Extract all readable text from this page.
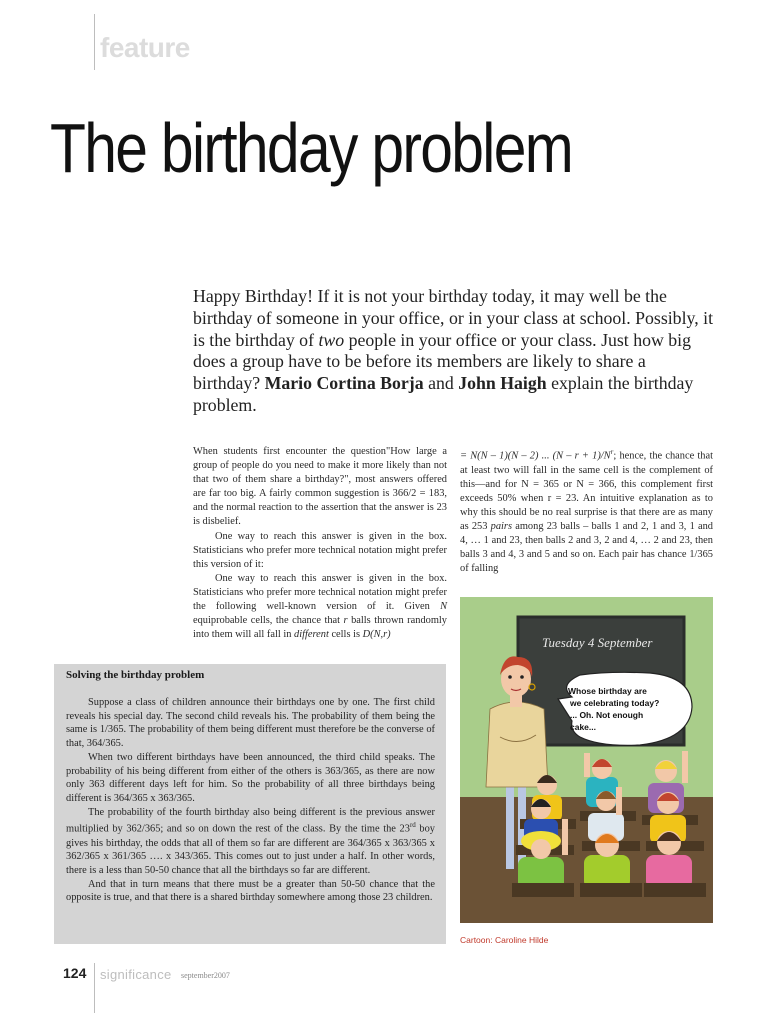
feature
The birthday problem
Happy Birthday! If it is not your birthday today, it may well be the birthday of someone in your office, or in your class at school. Possibly, it is the birthday of two people in your office or your class. Just how big does a group have to be before its members are likely to share a birthday? Mario Cortina Borja and John Haigh explain the birthday problem.

When students first encounter the question"How large a group of people do you need to make it more likely than not that two of them share a birthday?", most answers offered are far too big. A fairly common suggestion is 366/2 = 183, and the normal reaction to the assertion that the answer is 23 is disbelief.

One way to reach this answer is given in the box. Statisticians who prefer more technical notation might prefer this version of it:

One way to reach this answer is given in the box. Statisticians who prefer more technical notation might prefer the following well-known version of it. Given N equiprobable cells, the chance that r balls thrown randomly into them will all fall in different cells is D(N,r)

= N(N – 1)(N – 2) ... $(N - r + 1)/N^r$; hence, the chance that at least two will fall in the same cell is the complement of this—and for N = 365 or N = 366, this complement first exceeds 50% when r = 23. An intuitive explanation as to why this should be no real surprise is that there are as many as 253 pairs among 23 balls – balls 1 and 2, 1 and 3, 1 and 4, … 1 and 23, then balls 2 and 3, 2 and 4, … 2 and 23, then balls 3 and 4, 3 and 5 and so on. Each pair has chance 1/365 of falling

Solving the birthday problem

Suppose a class of children announce their birthdays one by one. The first child reveals his special day. The second child reveals his. The probability of them being the same is 1/365. The probability of them being different must therefore be the converse of that, 364/365.

When two different birthdays have been announced, the third child speaks. The probability of his being different from either of the others is 363/365, as there are now only 363 different days left for him. So the probability of all three birthdays being different is 364/365 x 363/365.

The probability of the fourth birthday also being different is the previous answer multiplied by 362/365; and so on down the rest of the class. By the time the 23rd boy gives his birthday, the odds that all of them so far are different are 364/365 x 363/365 x 362/365 x 361/365 …. x 343/365. This comes out to just under a half. In other words, there is a less than 50-50 chance that all the birthdays so far are different.

And that in turn means that there must be a greater than 50-50 chance that the opposite is true, and that there is a shared birthday somewhere among those 23 children.

Tuesday 4 September
Whose birthday are
we celebrating today?
... Oh. Not enough
cake...
Cartoon: Caroline Hilde
124 significance september2007
